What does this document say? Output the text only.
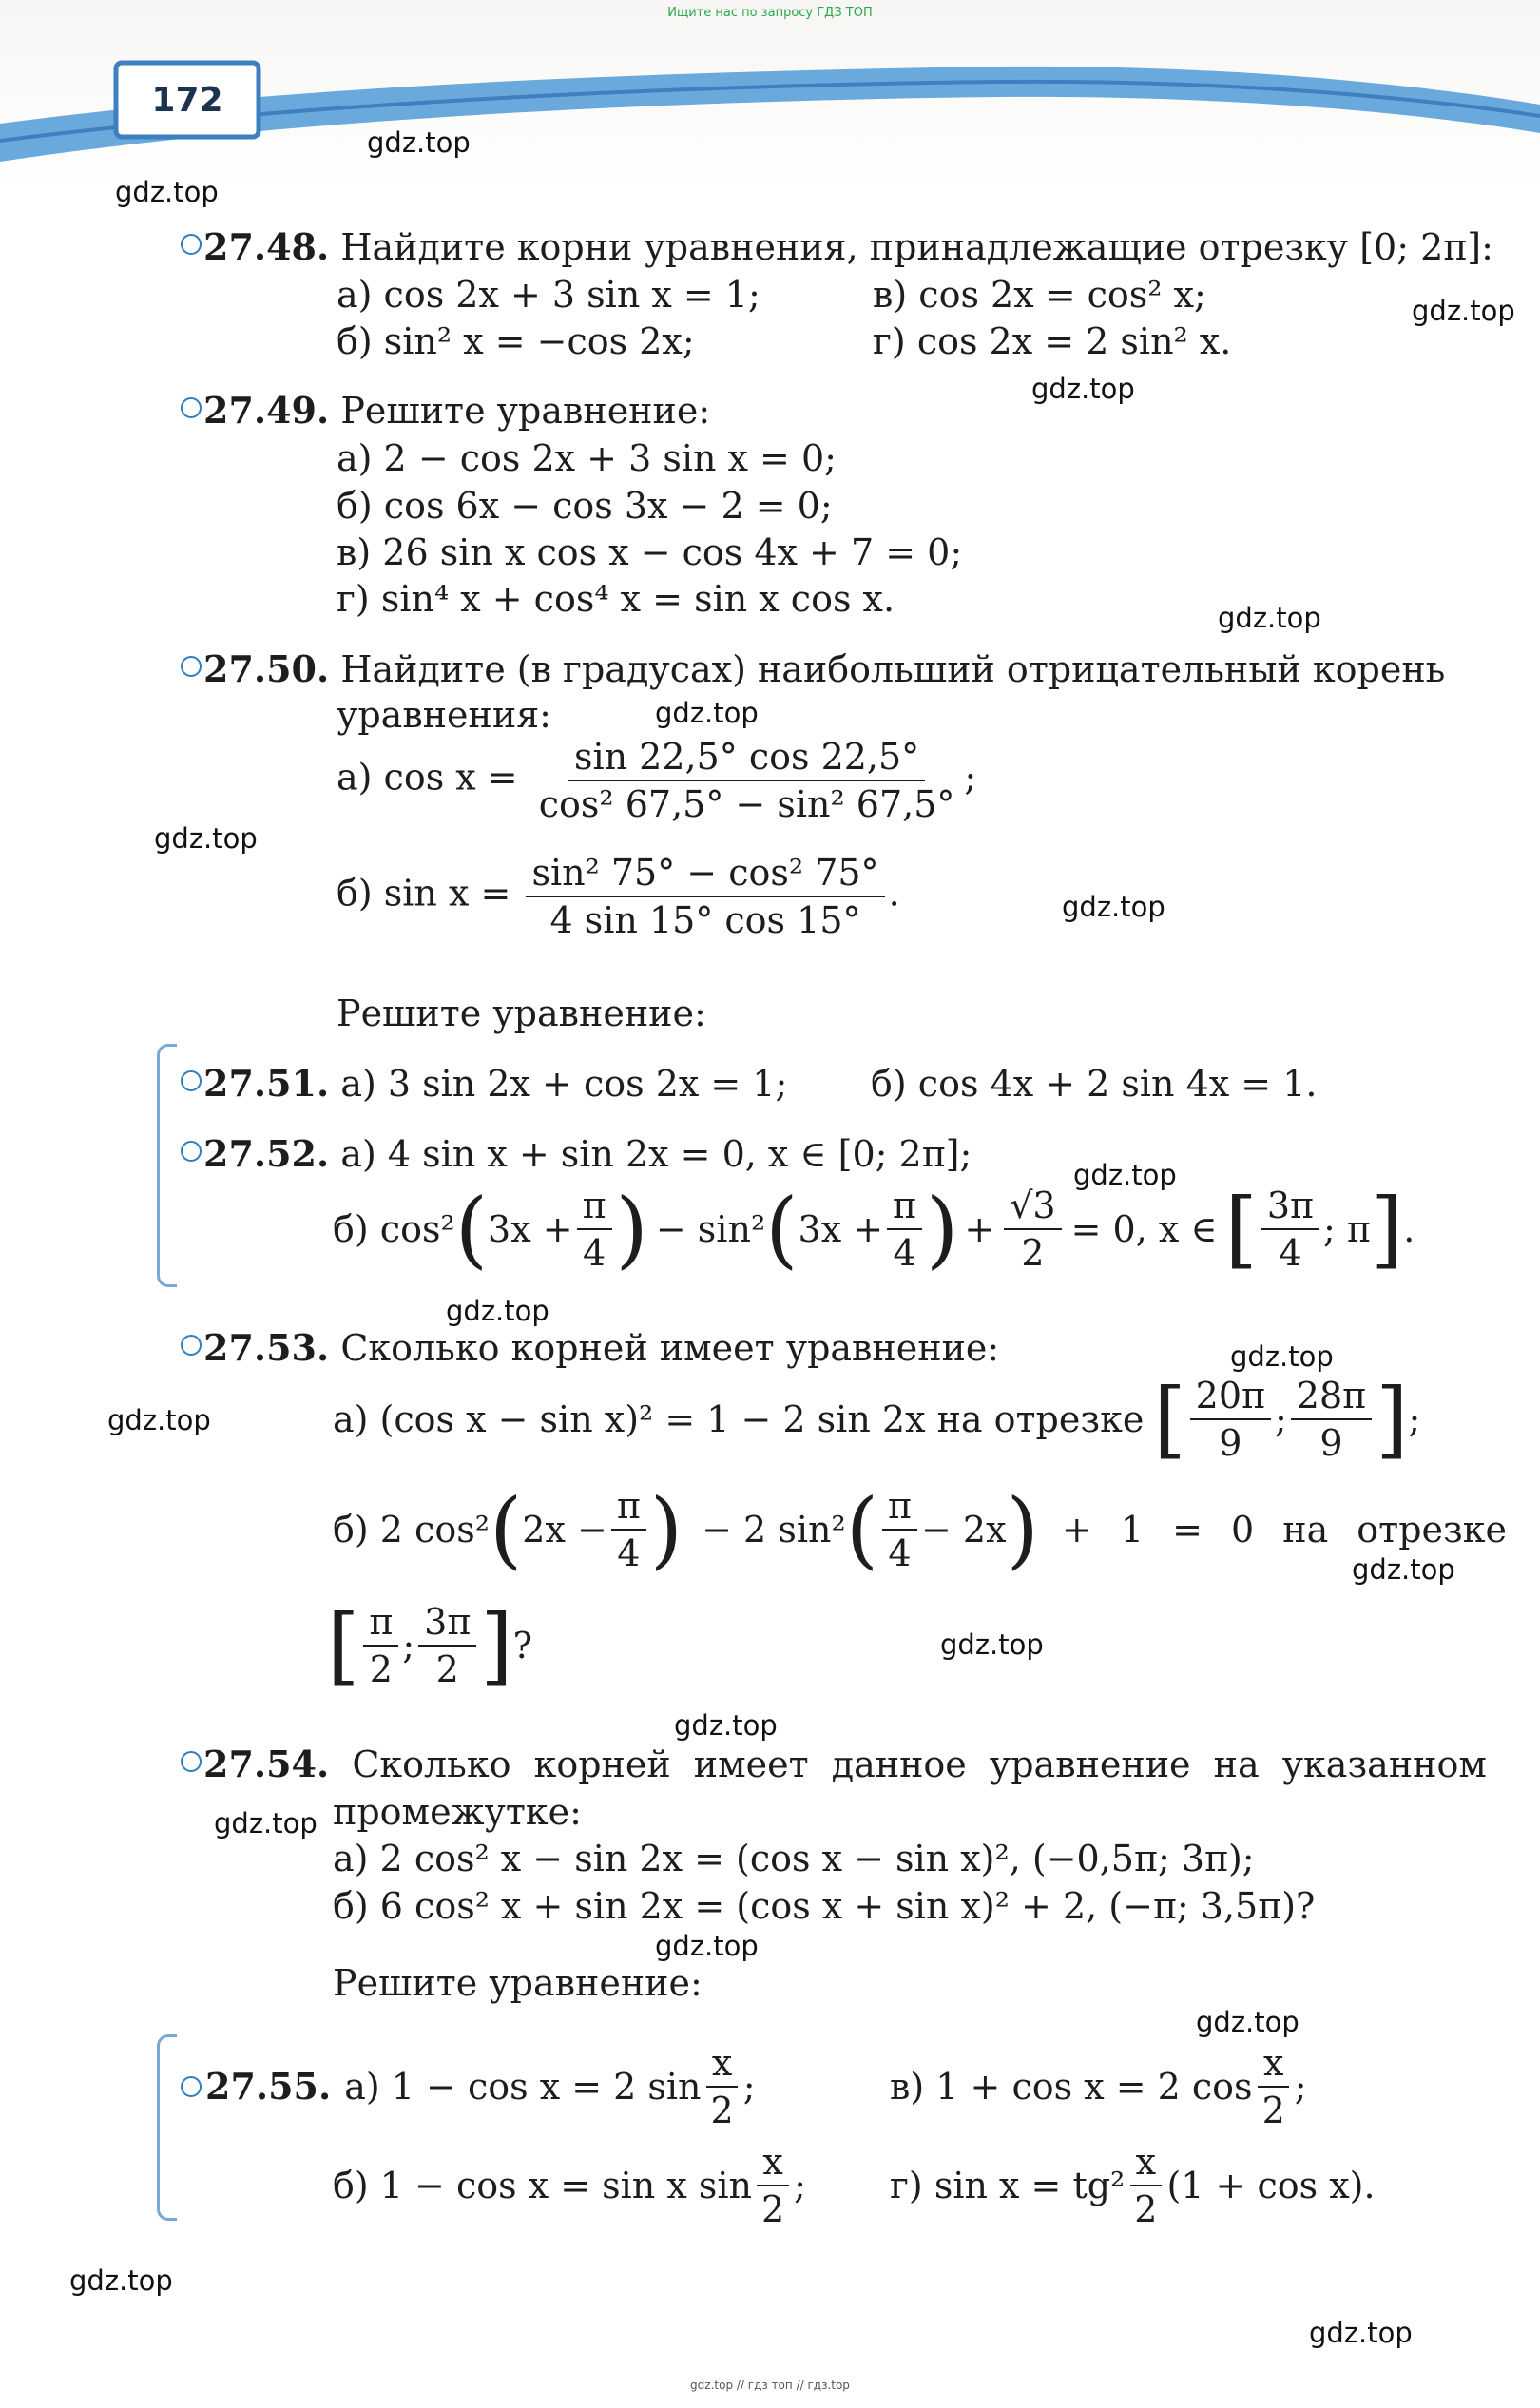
Ищите нас по запросу ГДЗ ТОП
172
gdz.top
gdz.top
gdz.top
gdz.top
gdz.top
gdz.top
gdz.top
gdz.top
gdz.top
gdz.top
gdz.top
gdz.top
gdz.top
gdz.top
gdz.top
gdz.top
gdz.top
gdz.top
gdz.top
gdz.top
27.48. Найдите корни уравнения, принадлежащие отрезку [0; 2π]:
а) cos 2x + 3 sin x = 1;	в) cos 2x = cos² x;
б) sin² x = −cos 2x;	г) cos 2x = 2 sin² x.
27.49. Решите уравнение:
а) 2 − cos 2x + 3 sin x = 0;
б) cos 6x − cos 3x − 2 = 0;
в) 26 sin x cos x − cos 4x + 7 = 0;
г) sin⁴ x + cos⁴ x = sin x cos x.
27.50. Найдите (в градусах) наибольший отрицательный корень
уравнения:
а) $\cos x = \frac{\sin 22,5^\circ \cos 22,5^\circ}{\text{cos² 67,5° − sin² 67,5°}}$ ;
б) $\sin x = \frac{\text{sin² 75° − cos² 75°}}{4 \sin 15^\circ \cos 15^\circ}$ .
Решите уравнение:
27.51. а) 3 sin 2x + cos 2x = 1; б) cos 4x + 2 sin 4x = 1.
27.52. а) 4 sin x + sin 2x = 0, x ∈ [0; 2π];
б) cos² ( $3x + \frac{\pi}{4}$ ) − sin² ( $3x + \frac{\pi}{4}$ ) + $\frac{√3}{2} = 0$, x ∈ [ $\frac{3\pi}{4}$ ; π ] .
27.53. Сколько корней имеет уравнение:
а) (cos x − sin x)² = 1 − 2 sin 2x на отрезке [ $\frac{20\pi}{9}$ ; $\frac{28\pi}{9}$ ] ;
б) 2 cos² ( $2x - \frac{\pi}{4}$ ) − 2 sin² ( $\frac{\pi}{4} - 2x$ ) + 1 = 0 на отрезке
[ $\frac{\pi}{2}$ ; $\frac{3\pi}{2}$ ] ?
27.54. Сколько корней имеет данное уравнение на указанном
промежутке:
а) 2 cos² x − sin 2x = (cos x − sin x)², (−0,5π; 3π);
б) 6 cos² x + sin 2x = (cos x + sin x)² + 2, (−π; 3,5π)?
Решите уравнение:
27.55. а) 1 − cos x = 2 $\sin \frac{x}{2}$ ;	в) 1 + cos x = 2 $\cos \frac{x}{2}$ ;
б) 1 − cos x = sin x $\sin \frac{x}{2}$ ; г) $\sin x = tg^2 \frac{x}{2} (1 + \cos x)$.
gdz.top // гдз топ // гдз.top
